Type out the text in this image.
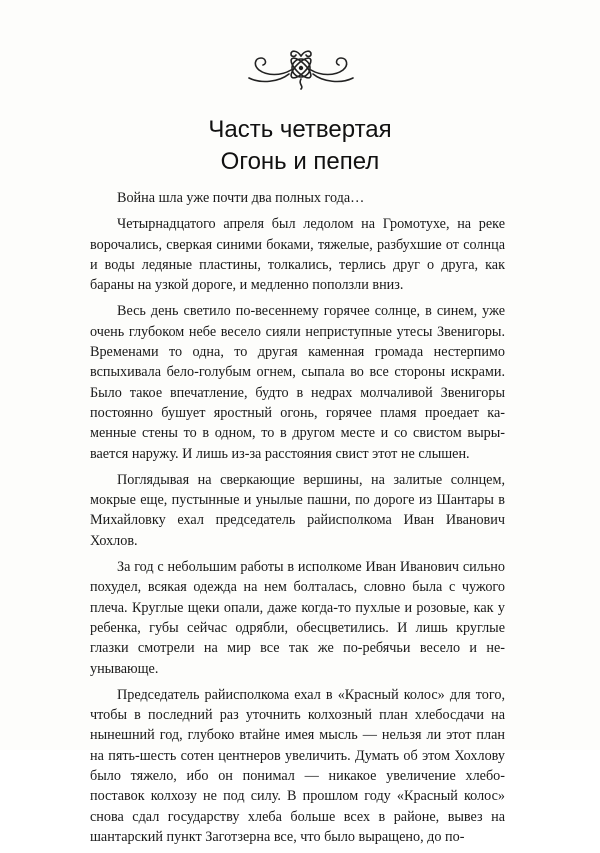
Часть четвертая
Огонь и пепел

Война шла уже почти два полных года…

Четырнадцатого апреля был ледолом на Громотухе, на реке ворочались, сверкая синими боками, тяжелые, разбухшие от солнца и воды ледяные пластины, толкались, терлись друг о друга, как бараны на узкой дороге, и медленно поползли вниз.

Весь день светило по-весеннему горячее солнце, в синем, уже очень глубоком небе весело сияли неприступные утесы Звенигоры. Временами то одна, то другая каменная громада нестерпимо вспыхивала бело-голубым огнем, сыпала во все стороны искрами. Было такое впечатление, будто в недрах молчаливой Звенигоры постоянно бушует яростный огонь, горячее пламя проедает каменные стены то в одном, то в другом месте и со свистом вырывается наружу. И лишь из-за расстояния свист этот не слышен.

Поглядывая на сверкающие вершины, на залитые солнцем, мокрые еще, пустынные и унылые пашни, по дороге из Шантары в Михайловку ехал председатель райисполкома Иван Иванович Хохлов.

За год с небольшим работы в исполкоме Иван Иванович сильно похудел, всякая одежда на нем болталась, словно была с чужого плеча. Круглые щеки опали, даже когда-то пухлые и розовые, как у ребенка, губы сейчас одрябли, обесцветились. И лишь круглые глазки смотрели на мир все так же по-ребячьи весело и неунывающе.

Председатель райисполкома ехал в «Красный колос» для того, чтобы в последний раз уточнить колхозный план хлебосдачи на нынешний год, глубоко втайне имея мысль — нельзя ли этот план на пять-шесть сотен центнеров увеличить. Думать об этом Хохлову было тяжело, ибо он понимал — никакое увеличение хлебопоставок колхозу не под силу. В прошлом году «Красный колос» снова сдал государству хлеба больше всех в районе, вывез на шантарский пункт Заготзерна все, что было выращено, до по-
